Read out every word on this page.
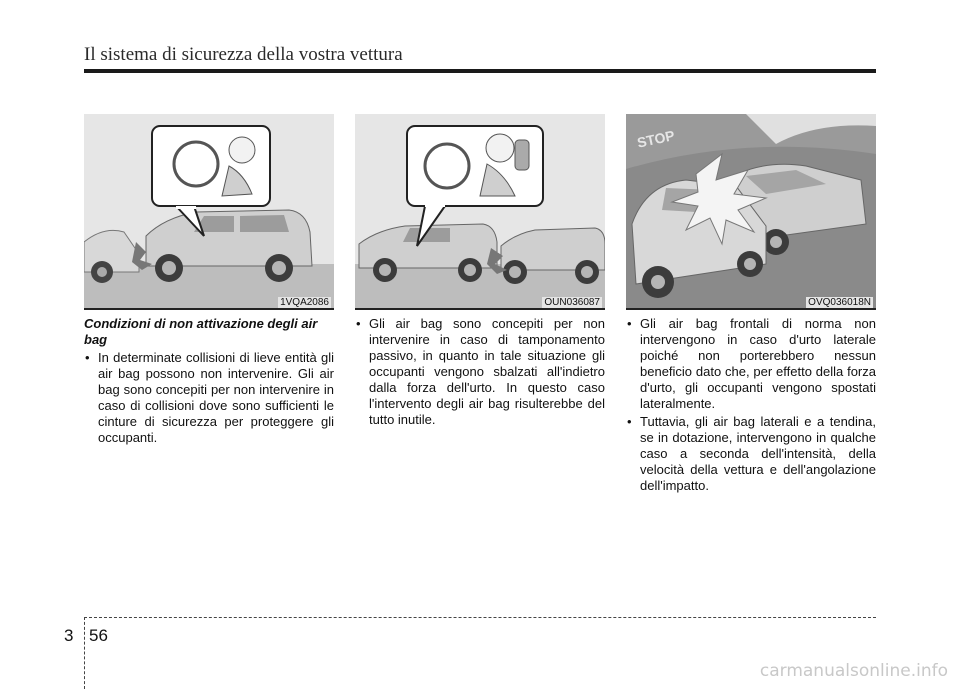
Il sistema di sicurezza della vostra vettura
1VQA2086	OUN036087
STOP
OVQ036018N

Condizioni di non attivazione degli air bag

• In determinate collisioni di lieve entità gli air bag possono non intervenire. Gli air bag sono concepiti per non intervenire in caso di collisioni dove sono sufficienti le cinture di sicurezza per proteggere gli occupanti.

• Gli air bag sono concepiti per non intervenire in caso di tamponamento passivo, in quanto in tale situazione gli occupanti vengono sbalzati all'indietro dalla forza dell'urto. In questo caso l'intervento degli air bag risulterebbe del tutto inutile.

• Gli air bag frontali di norma non intervengono in caso d'urto laterale poiché non porterebbero nessun beneficio dato che, per effetto della forza d'urto, gli occupanti vengono spostati lateralmente.

• Tuttavia, gli air bag laterali e a tendina, se in dotazione, intervengono in qualche caso a seconda dell'intensità, della velocità della vettura e dell'angolazione dell'impatto.

3 56
carmanualsonline.info
